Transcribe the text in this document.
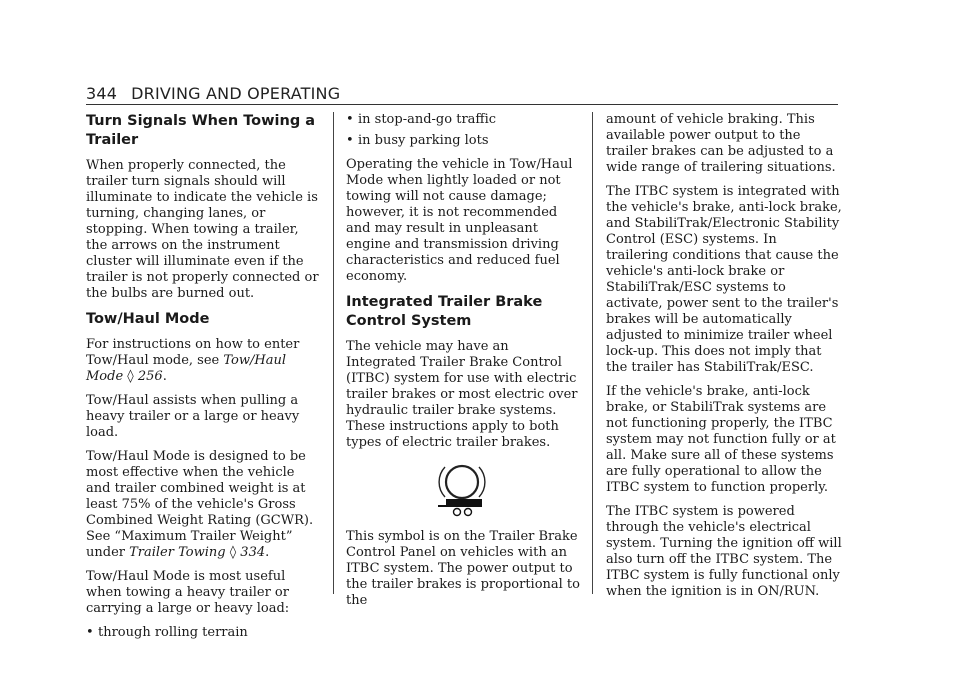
344 DRIVING AND OPERATING
Turn Signals When Towing a Trailer

When properly connected, the trailer turn signals should will illuminate to indicate the vehicle is turning, changing lanes, or stopping. When towing a trailer, the arrows on the instrument cluster will illuminate even if the trailer is not properly connected or the bulbs are burned out.

Tow/Haul Mode

For instructions on how to enter Tow/Haul mode, see Tow/Haul Mode ◊ 256.

Tow/Haul assists when pulling a heavy trailer or a large or heavy load.

Tow/Haul Mode is designed to be most effective when the vehicle and trailer combined weight is at least 75% of the vehicle's Gross Combined Weight Rating (GCWR). See “Maximum Trailer Weight” under Trailer Towing ◊ 334.

Tow/Haul Mode is most useful when towing a heavy trailer or carrying a large or heavy load:

• through rolling terrain
• in stop-and-go traffic
• in busy parking lots

Operating the vehicle in Tow/Haul Mode when lightly loaded or not towing will not cause damage; however, it is not recommended and may result in unpleasant engine and transmission driving characteristics and reduced fuel economy.

Integrated Trailer Brake Control System

The vehicle may have an Integrated Trailer Brake Control (ITBC) system for use with electric trailer brakes or most electric over hydraulic trailer brake systems. These instructions apply to both types of electric trailer brakes.

This symbol is on the Trailer Brake Control Panel on vehicles with an ITBC system. The power output to the trailer brakes is proportional to the

amount of vehicle braking. This available power output to the trailer brakes can be adjusted to a wide range of trailering situations.

The ITBC system is integrated with the vehicle's brake, anti-lock brake, and StabiliTrak/Electronic Stability Control (ESC) systems. In trailering conditions that cause the vehicle's anti-lock brake or StabiliTrak/ESC systems to activate, power sent to the trailer's brakes will be automatically adjusted to minimize trailer wheel lock-up. This does not imply that the trailer has StabiliTrak/ESC.

If the vehicle's brake, anti-lock brake, or StabiliTrak systems are not functioning properly, the ITBC system may not function fully or at all. Make sure all of these systems are fully operational to allow the ITBC system to function properly.

The ITBC system is powered through the vehicle's electrical system. Turning the ignition off will also turn off the ITBC system. The ITBC system is fully functional only when the ignition is in ON/RUN.
